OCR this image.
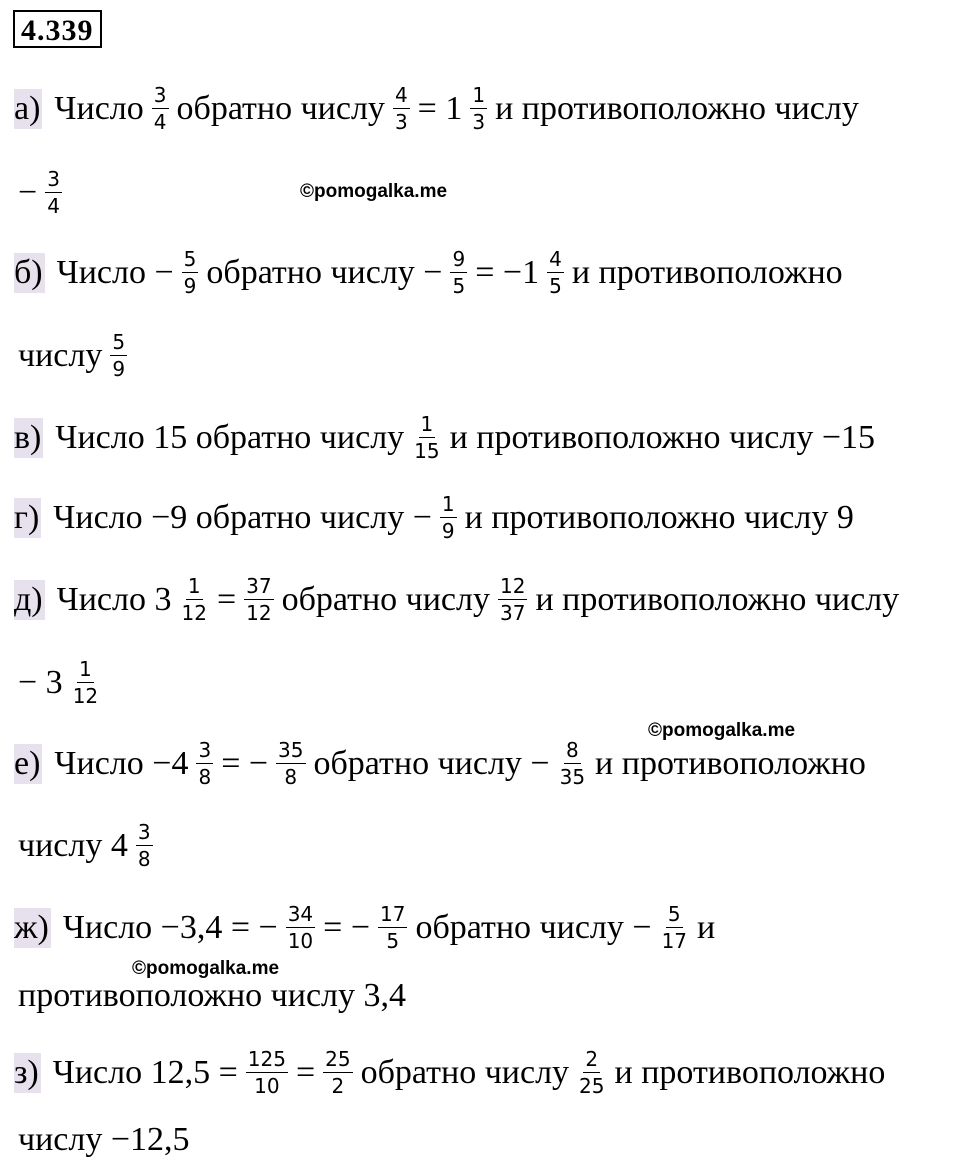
4.339
а) Число $\frac{3}{4}$ обратно числу $\frac{4}{3} = 1 \frac{1}{3}$ и противоположно числу
− $\frac{3}{4}$	©pomogalka.me
б) Число − $\frac{5}{9}$ обратно числу − $\frac{9}{5} = -1 \frac{4}{5}$ и противоположно
числу $\frac{5}{9}$
в) Число 15 обратно числу $\frac{1}{15}$ и противоположно числу −15
г) Число −9 обратно числу − $\frac{1}{9}$ и противоположно числу 9
д) Число $3 \frac{1}{12} = \frac{37}{12}$ обратно числу $\frac{12}{37}$ и противоположно числу
− $3 \frac{1}{12}$
©pomogalka.me
е) Число $-4 \frac{3}{8}$ = − $\frac{35}{8}$ обратно числу − $\frac{8}{35}$ и противоположно
числу $4 \frac{3}{8}$
ж) Число −3,4 = − $\frac{34}{10}$ = − $\frac{17}{5}$ обратно числу − $\frac{5}{17}$ и
©pomogalka.me
противоположно числу 3,4
з) Число $12,5 = \frac{125}{10} = \frac{25}{2}$ обратно числу $\frac{2}{25}$ и противоположно
числу −12,5
